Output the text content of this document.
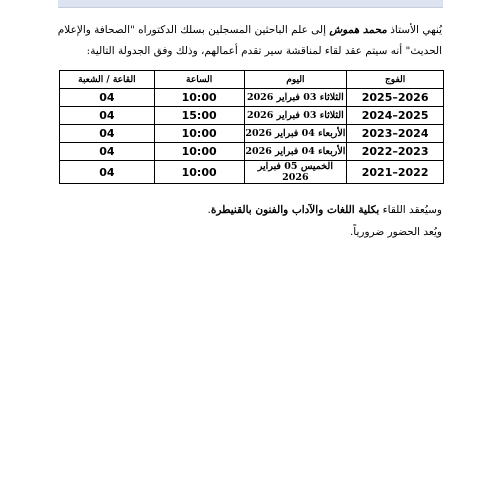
يُنهي الأستاذ محمد هموش إلى علم الباحثين المسجلين بسلك الدكتوراه "الصحافة والإعلام الحديث" أنه سيتم عقد لقاء لمناقشة سير تقدم أعمالهم، وذلك وفق الجدولة التالية:
الفوج	اليوم	الساعة	القاعة / الشعبة
2026–2025	الثلاثاء 03 فبراير 2026	10:00	04
2025–2024	الثلاثاء 03 فبراير 2026	15:00	04
2024–2023	الأربعاء 04 فبراير 2026	10:00	04
2023–2022	الأربعاء 04 فبراير 2026	10:00	04
2022–2021	الخميس 05 فبراير 2026	10:00	04
وسيُعقد اللقاء بكلية اللغات والآداب والفنون بالقنيطرة.
ويُعد الحضور ضرورياً.
